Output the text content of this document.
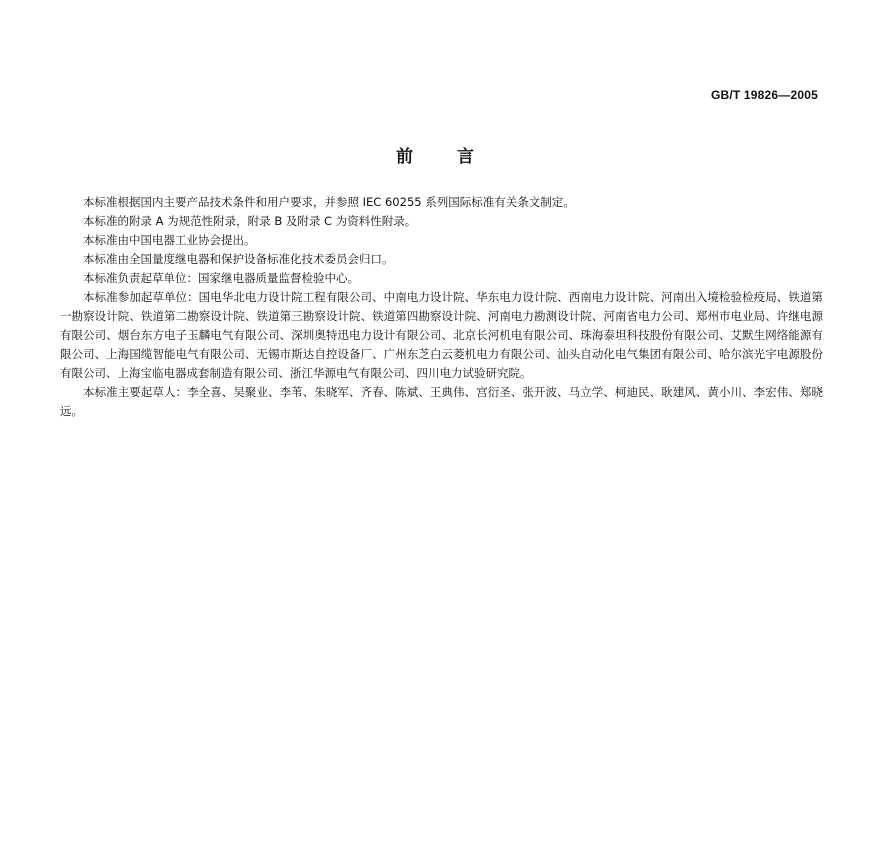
GB/T 19826—2005
前言

本标准根据国内主要产品技术条件和用户要求，并参照 IEC 60255 系列国际标准有关条文制定。

本标准的附录 A 为规范性附录，附录 B 及附录 C 为资料性附录。

本标准由中国电器工业协会提出。

本标准由全国量度继电器和保护设备标准化技术委员会归口。

本标准负责起草单位：国家继电器质量监督检验中心。

本标准参加起草单位：国电华北电力设计院工程有限公司、中南电力设计院、华东电力设计院、西南电力设计院、河南出入境检验检疫局、铁道第一勘察设计院、铁道第二勘察设计院、铁道第三勘察设计院、铁道第四勘察设计院、河南电力勘测设计院、河南省电力公司、郑州市电业局、许继电源有限公司、烟台东方电子玉麟电气有限公司、深圳奥特迅电力设计有限公司、北京长河机电有限公司、珠海泰坦科技股份有限公司、艾默生网络能源有限公司、上海国缆智能电气有限公司、无锡市斯达自控设备厂、广州东芝白云菱机电力有限公司、汕头自动化电气集团有限公司、哈尔滨光宇电源股份有限公司、上海宝临电器成套制造有限公司、浙江华源电气有限公司、四川电力试验研究院。

本标准主要起草人：李全喜、吴聚业、李苇、朱晓军、齐春、陈斌、王典伟、宫衍圣、张开波、马立学、柯迪民、耿建风、黄小川、李宏伟、郑晓远。
